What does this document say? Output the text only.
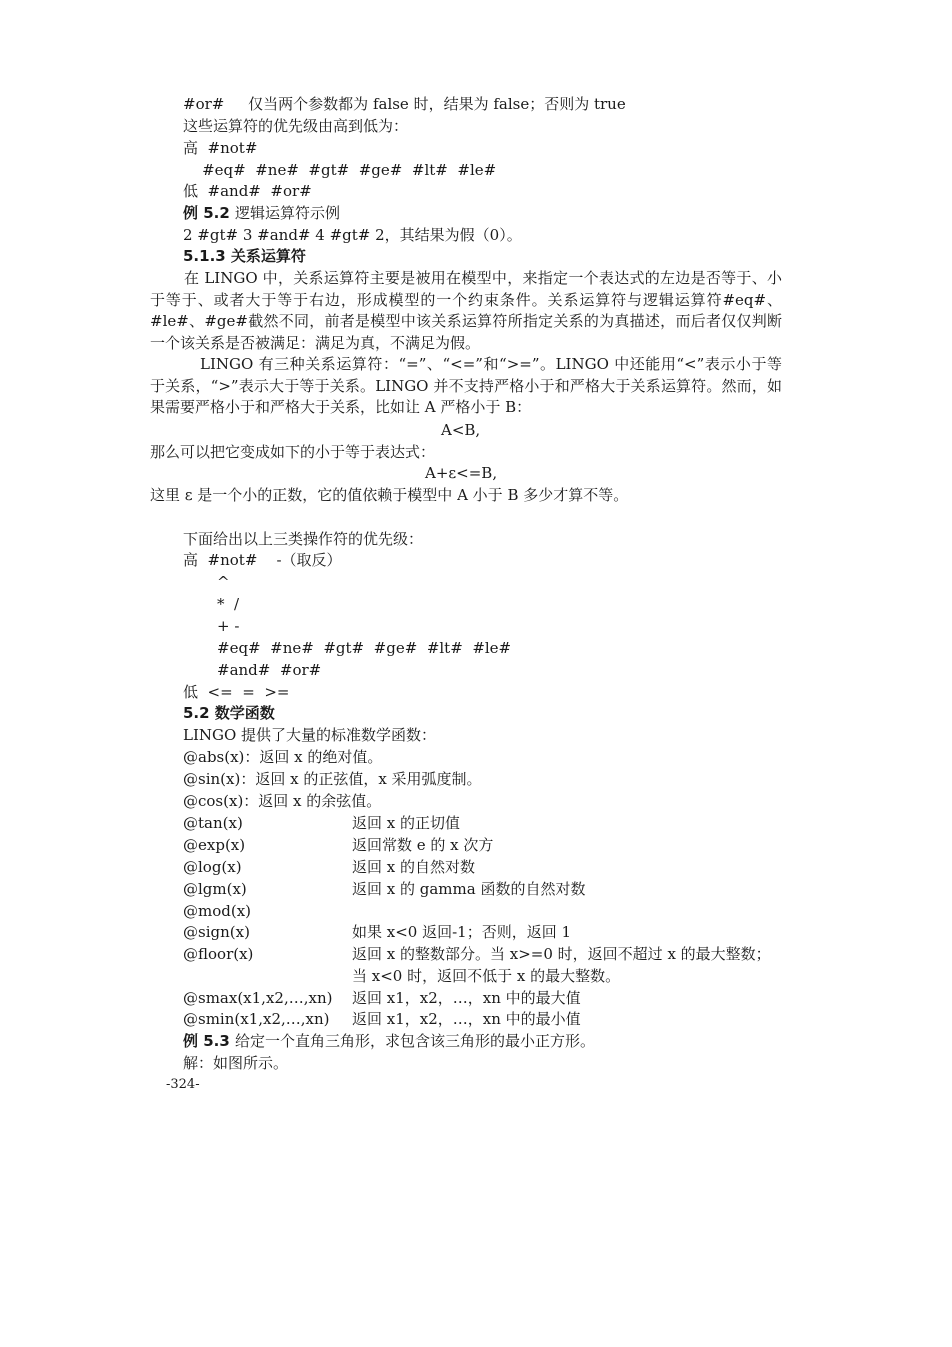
#or#     仅当两个参数都为 false 时，结果为 false；否则为 true
这些运算符的优先级由高到低为：
高  #not#
#eq#  #ne#  #gt#  #ge#  #lt#  #le#
低  #and#  #or#
例 5.2 逻辑运算符示例
2 #gt# 3 #and# 4 #gt# 2，其结果为假（0）。
5.1.3 关系运算符
在 LINGO 中，关系运算符主要是被用在模型中，来指定一个表达式的左边是否等于、小于等于、或者大于等于右边，形成模型的一个约束条件。关系运算符与逻辑运算符#eq#、#le#、#ge#截然不同，前者是模型中该关系运算符所指定关系的为真描述，而后者仅仅判断一个该关系是否被满足：满足为真，不满足为假。
LINGO 有三种关系运算符：“=”、“<=”和“>=”。LINGO 中还能用“<”表示小于等于关系，“>”表示大于等于关系。LINGO 并不支持严格小于和严格大于关系运算符。然而，如果需要严格小于和严格大于关系，比如让 A 严格小于 B：
A<B,
那么可以把它变成如下的小于等于表达式：
A+ε<=B,
这里 ε 是一个小的正数，它的值依赖于模型中 A 小于 B 多少才算不等。
下面给出以上三类操作符的优先级：
高  #not#    -（取反）
^
*  /
+ -
#eq#  #ne#  #gt#  #ge#  #lt#  #le#
#and#  #or#
低  <=  =  >=
5.2 数学函数
LINGO 提供了大量的标准数学函数：
@abs(x)：返回 x 的绝对值。
@sin(x)：返回 x 的正弦值，x 采用弧度制。
@cos(x)：返回 x 的余弦值。
@tan(x)	返回 x 的正切值
@exp(x)	返回常数 e 的 x 次方
@log(x)	返回 x 的自然对数
@lgm(x)	返回 x 的 gamma 函数的自然对数
@mod(x)
@sign(x)	如果 x<0 返回-1；否则，返回 1
@floor(x)	返回 x 的整数部分。当 x>=0 时，返回不超过 x 的最大整数；
当 x<0 时，返回不低于 x 的最大整数。
@smax(x1,x2,…,xn) 返回 x1，x2，…，xn 中的最大值
@smin(x1,x2,…,xn) 返回 x1，x2，…，xn 中的最小值
例 5.3 给定一个直角三角形，求包含该三角形的最小正方形。
解：如图所示。
-324-
